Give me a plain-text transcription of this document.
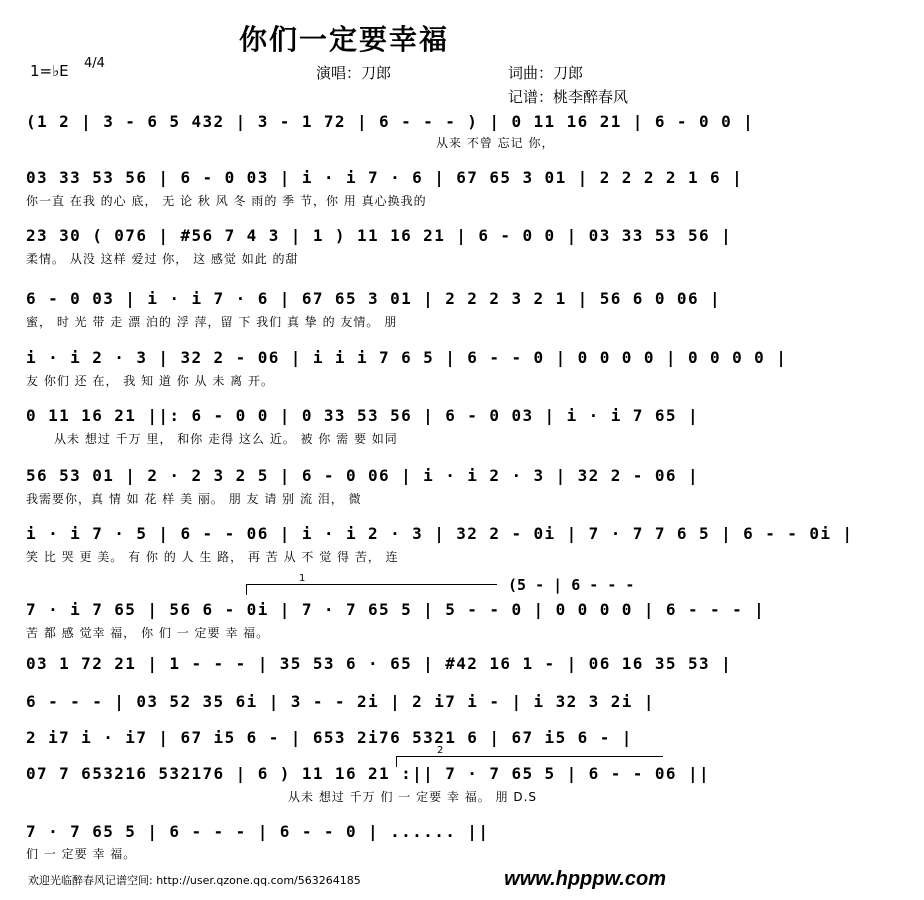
你们一定要幸福
1=♭E 4/4
演唱：刀郎	词曲：刀郎
记谱：桃李醉春风
(1 2 | 3 - 6 5 432 | 3 - 1 72 | 6 - - - ) | 0 11 16 21 | 6 - 0 0 |
从来 不曾 忘记 你，
03 33 53 56 | 6 - 0 03 | i · i 7 · 6 | 67 65 3 01 | 2 2 2 2 1 6 |
你一直 在我 的心 底， 无 论 秋 风 冬 雨的 季 节，你 用 真心换我的
23 30 ( 076 | #56 7 4 3 | 1 ) 11 16 21 | 6 - 0 0 | 03 33 53 56 |
柔情。 从没 这样 爱过 你， 这 感觉 如此 的甜
6 - 0 03 | i · i 7 · 6 | 67 65 3 01 | 2 2 2 3 2 1 | 56 6 0 06 |
蜜， 时 光 带 走 漂 泊的 浮 萍，留 下 我们 真 挚 的 友情。 朋
i · i 2 · 3 | 32 2 - 06 | i i i 7 6 5 | 6 - - 0 | 0 0 0 0 | 0 0 0 0 |
友 你们 还 在， 我 知 道 你 从 未 离 开。
0 11 16 21 ||: 6 - 0 0 | 0 33 53 56 | 6 - 0 03 | i · i 7 65 |
从未 想过 千万 里， 和你 走得 这么 近。 被 你 需 要 如同
56 53 01 | 2 · 2 3 2 5 | 6 - 0 06 | i · i 2 · 3 | 32 2 - 06 |
我需要你，真 情 如 花 样 美 丽。 朋 友 请 别 流 泪， 微
i · i 7 · 5 | 6 - - 06 | i · i 2 · 3 | 32 2 - 0i | 7 · 7 7 6 5 | 6 - - 0i |
笑 比 哭 更 美。 有 你 的 人 生 路， 再 苦 从 不 觉 得 苦， 连
1	(5 - | 6 - - -
7 · i 7 65 | 56 6 - 0i | 7 · 7 65 5 | 5 - - 0 | 0 0 0 0 | 6 - - - |
苦 都 感 觉幸 福， 你 们 一 定要 幸 福。
03 1 72 21 | 1 - - - | 35 53 6 · 65 | #42 16 1 - | 06 16 35 53 |
6 - - - | 03 52 35 6i | 3 - - 2i | 2 i7 i - | i 32 3 2i |
2 i7 i · i7 | 67 i5 6 - | 653 2i76 5321 6 | 67 i5 6 - |
2
07 7 653216 532176 | 6 ) 11 16 21 :|| 7 · 7 65 5 | 6 - - 06 ||
从未 想过 千万 们 一 定要 幸 福。 朋 D.S
7 · 7 65 5 | 6 - - - | 6 - - 0 | ...... ||
们 一 定要 幸 福。
欢迎光临醉春风记谱空间: http://user.qzone.qq.com/563264185	www.hpppw.com
